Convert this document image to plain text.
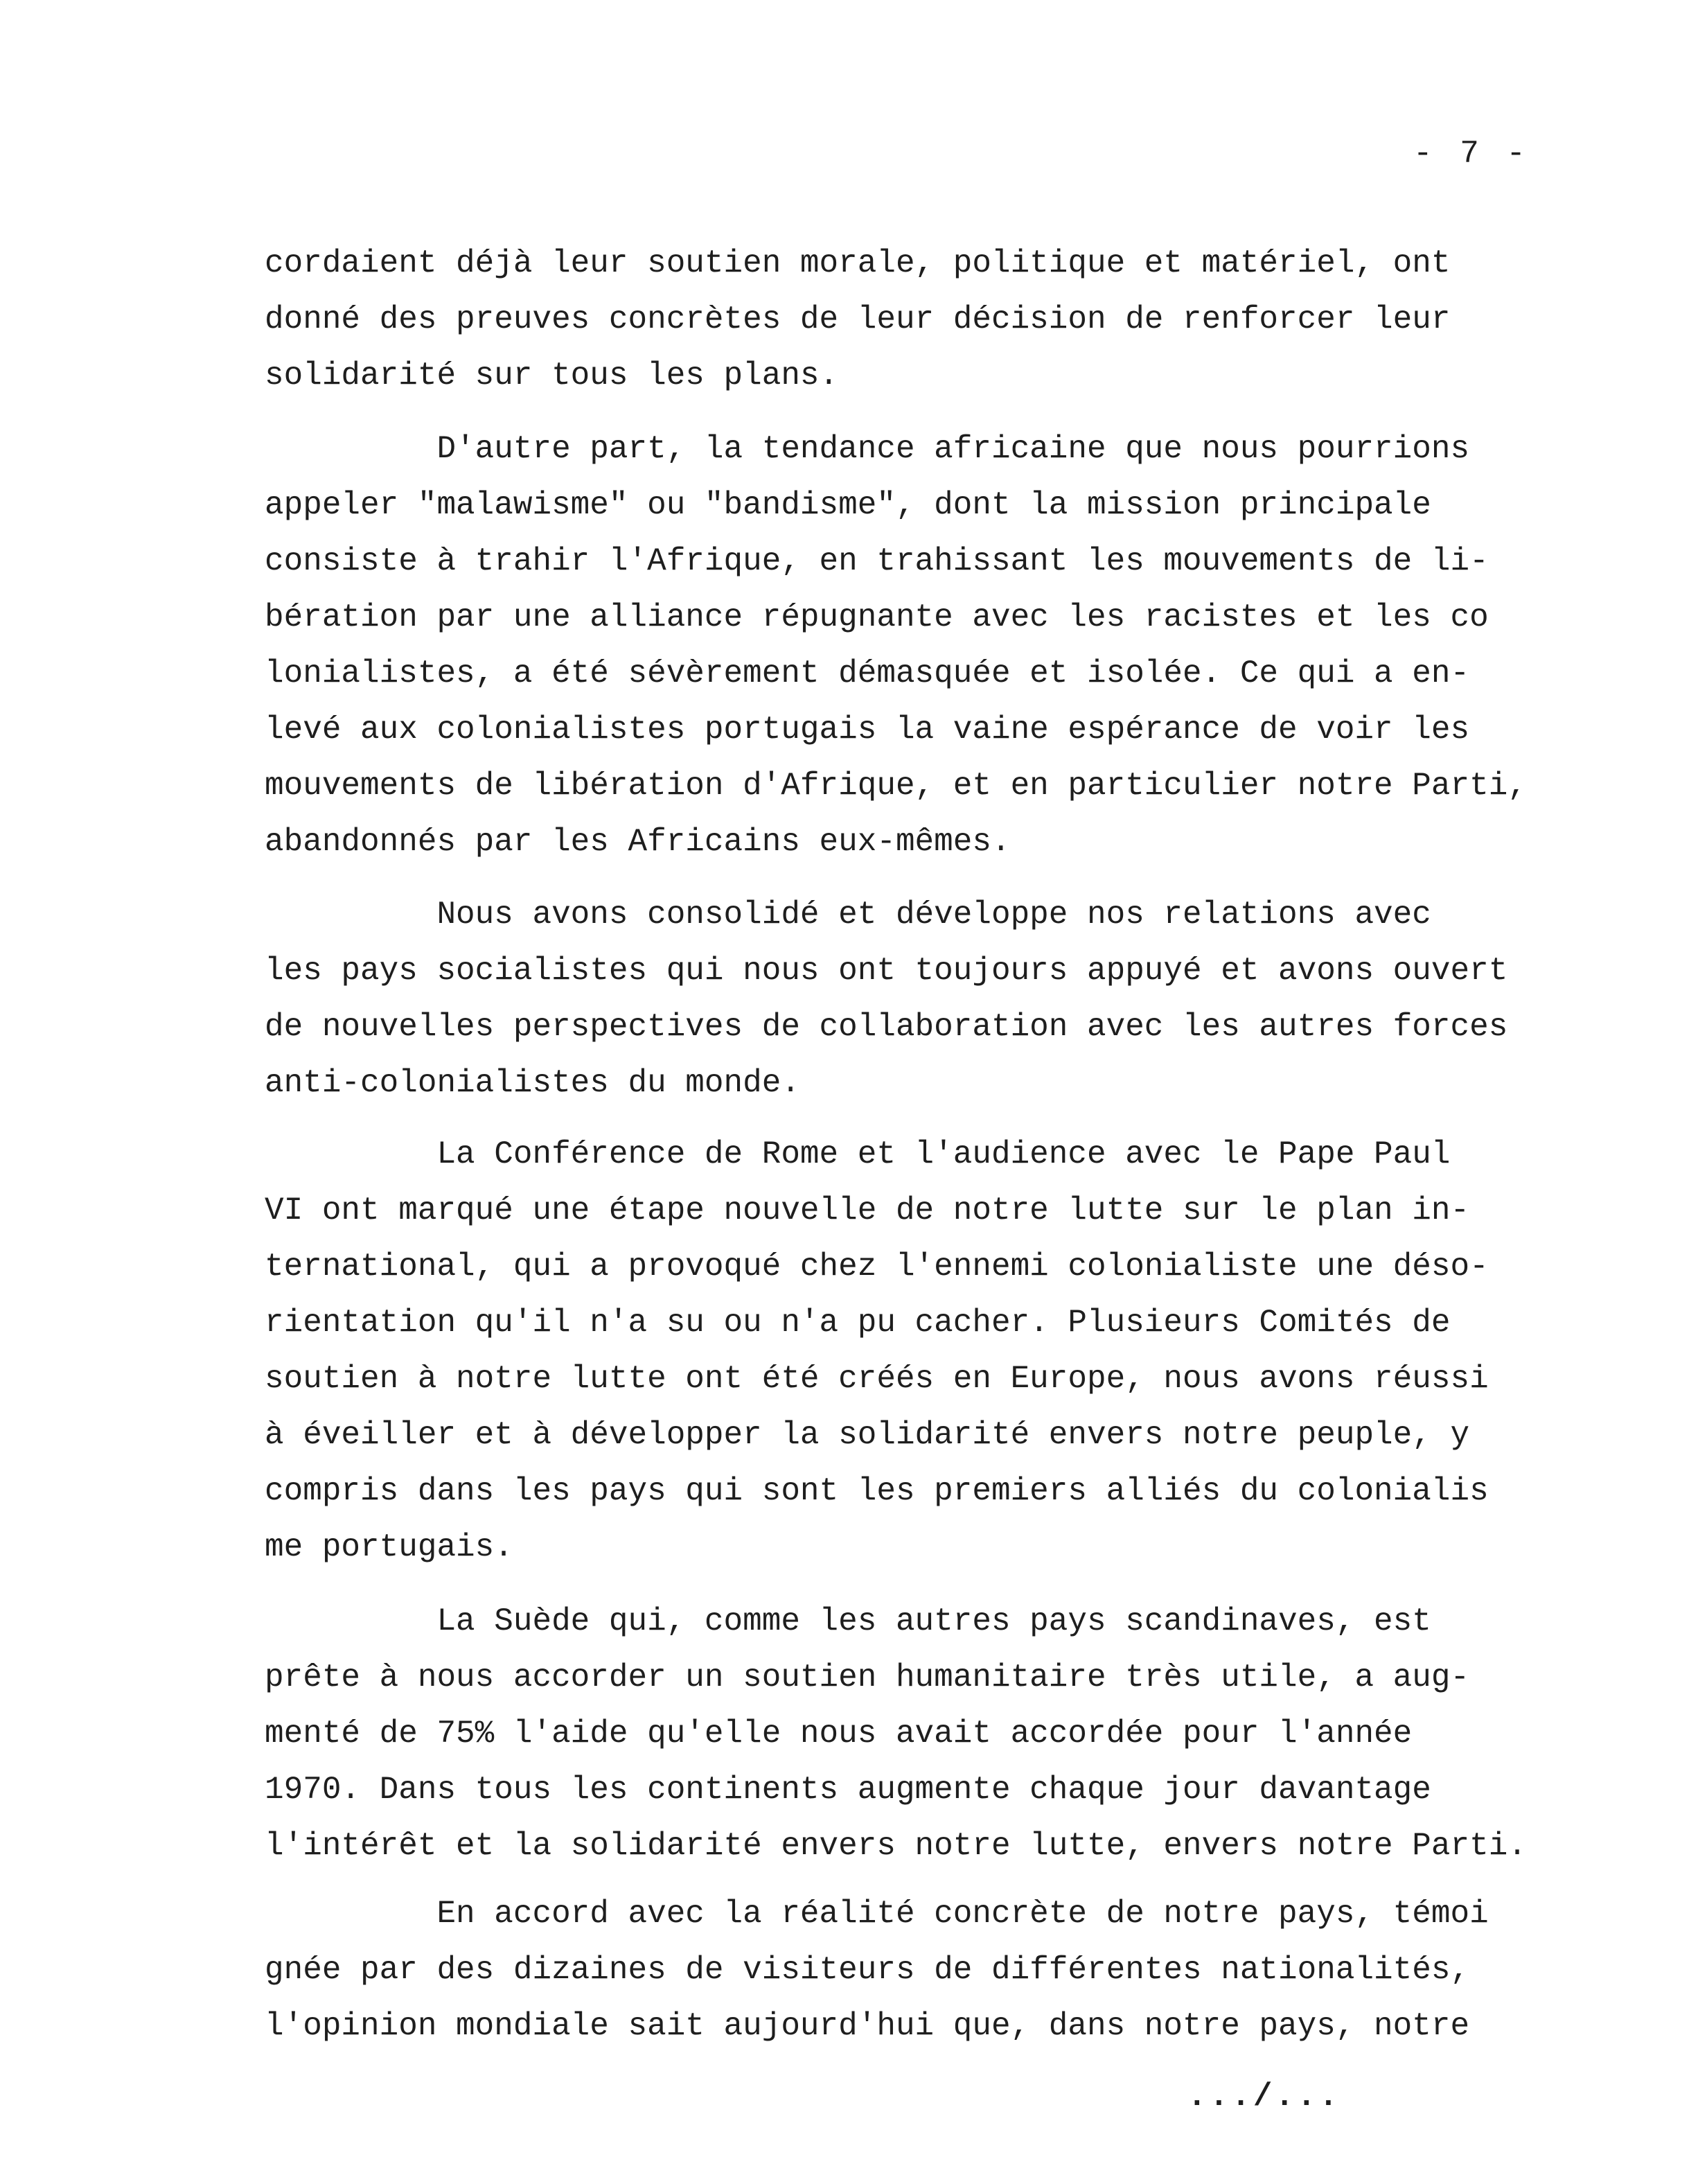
- 7 -
cordaient déjà leur soutien morale, politique et matériel, ont
donné des preuves concrètes de leur décision de renforcer leur
solidarité sur tous les plans.
D'autre part, la tendance africaine que nous pourrions
appeler "malawisme" ou "bandisme", dont la mission principale
consiste à trahir l'Afrique, en trahissant les mouvements de li-
bération par une alliance répugnante avec les racistes et les co
lonialistes, a été sévèrement démasquée et isolée. Ce qui a en-
levé aux colonialistes portugais la vaine espérance de voir les
mouvements de libération d'Afrique, et en particulier notre Parti,
abandonnés par les Africains eux-mêmes.
Nous avons consolidé et développe nos relations avec
les pays socialistes qui nous ont toujours appuyé et avons ouvert
de nouvelles perspectives de collaboration avec les autres forces
anti-colonialistes du monde.
La Conférence de Rome et l'audience avec le Pape Paul
VI ont marqué une étape nouvelle de notre lutte sur le plan in-
ternational, qui a provoqué chez l'ennemi colonialiste une déso-
rientation qu'il n'a su ou n'a pu cacher. Plusieurs Comités de
soutien à notre lutte ont été créés en Europe, nous avons réussi
à éveiller et à développer la solidarité envers notre peuple, y
compris dans les pays qui sont les premiers alliés du colonialis
me portugais.
La Suède qui, comme les autres pays scandinaves, est
prête à nous accorder un soutien humanitaire très utile, a aug-
menté de 75% l'aide qu'elle nous avait accordée pour l'année
1970. Dans tous les continents augmente chaque jour davantage
l'intérêt et la solidarité envers notre lutte, envers notre Parti.
En accord avec la réalité concrète de notre pays, témoi
gnée par des dizaines de visiteurs de différentes nationalités,
l'opinion mondiale sait aujourd'hui que, dans notre pays, notre
.../...
